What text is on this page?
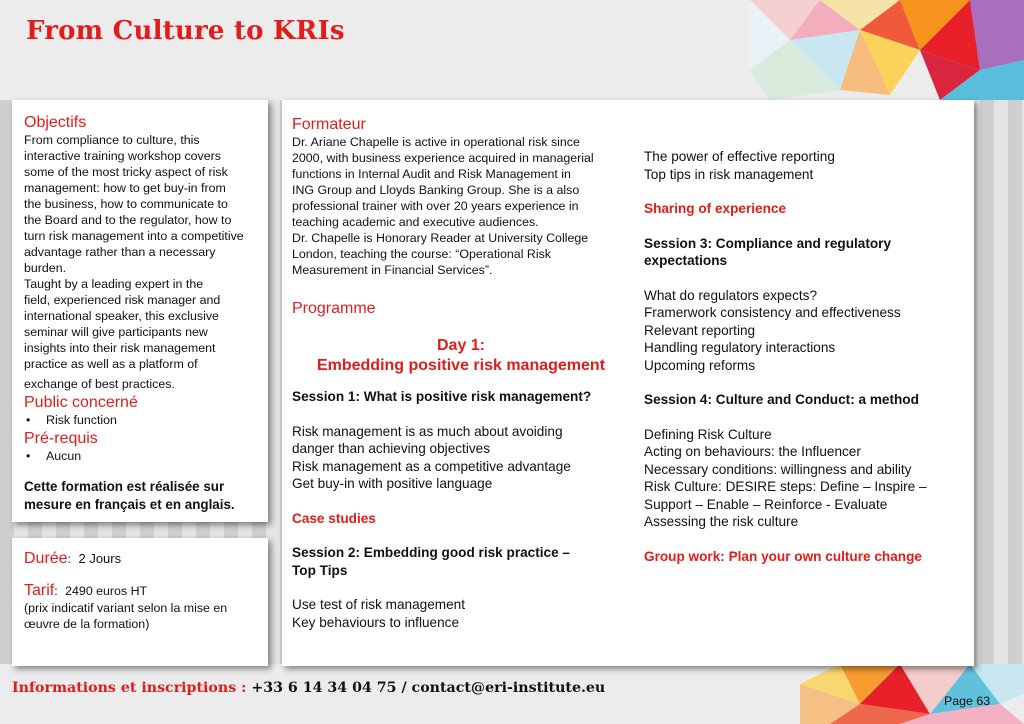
From Culture to KRIs
Objectifs

From compliance to culture, this

interactive training workshop covers

some of the most tricky aspect of risk

management: how to get buy-in from

the business, how to communicate to

the Board and to the regulator, how to

turn risk management into a competitive

advantage rather than a necessary

burden.

Taught by a leading expert in the

field, experienced risk manager and

international speaker, this exclusive

seminar will give participants new

insights into their risk management

practice as well as a platform of

exchange of best practices.

Public concerné
• Risk function
Pré-requis
• Aucun

Cette formation est réalisée sur

mesure en français et en anglais.

Durée: 2 Jours

Tarif: 2490 euros HT

(prix indicatif variant selon la mise en

œuvre de la formation)

Formateur

Dr. Ariane Chapelle is active in operational risk since

2000, with business experience acquired in managerial

functions in Internal Audit and Risk Management in

ING Group and Lloyds Banking Group. She is a also

professional trainer with over 20 years experience in

teaching academic and executive audiences.

Dr. Chapelle is Honorary Reader at University College

London, teaching the course: “Operational Risk

Measurement in Financial Services”.

Programme

Day 1:

Embedding positive risk management

Session 1: What is positive risk management?

Risk management is as much about avoiding

danger than achieving objectives

Risk management as a competitive advantage

Get buy-in with positive language

Case studies

Session 2: Embedding good risk practice –

Top Tips

Use test of risk management

Key behaviours to influence

The power of effective reporting

Top tips in risk management

Sharing of experience

Session 3: Compliance and regulatory

expectations

What do regulators expects?

Framerwork consistency and effectiveness

Relevant reporting

Handling regulatory interactions

Upcoming reforms

Session 4: Culture and Conduct: a method

Defining Risk Culture

Acting on behaviours: the Influencer

Necessary conditions: willingness and ability

Risk Culture: DESIRE steps: Define – Inspire –

Support – Enable – Reinforce - Evaluate

Assessing the risk culture

Group work: Plan your own culture change

Informations et inscriptions : +33 6 14 34 04 75 / contact@eri-institute.eu

Page 63
